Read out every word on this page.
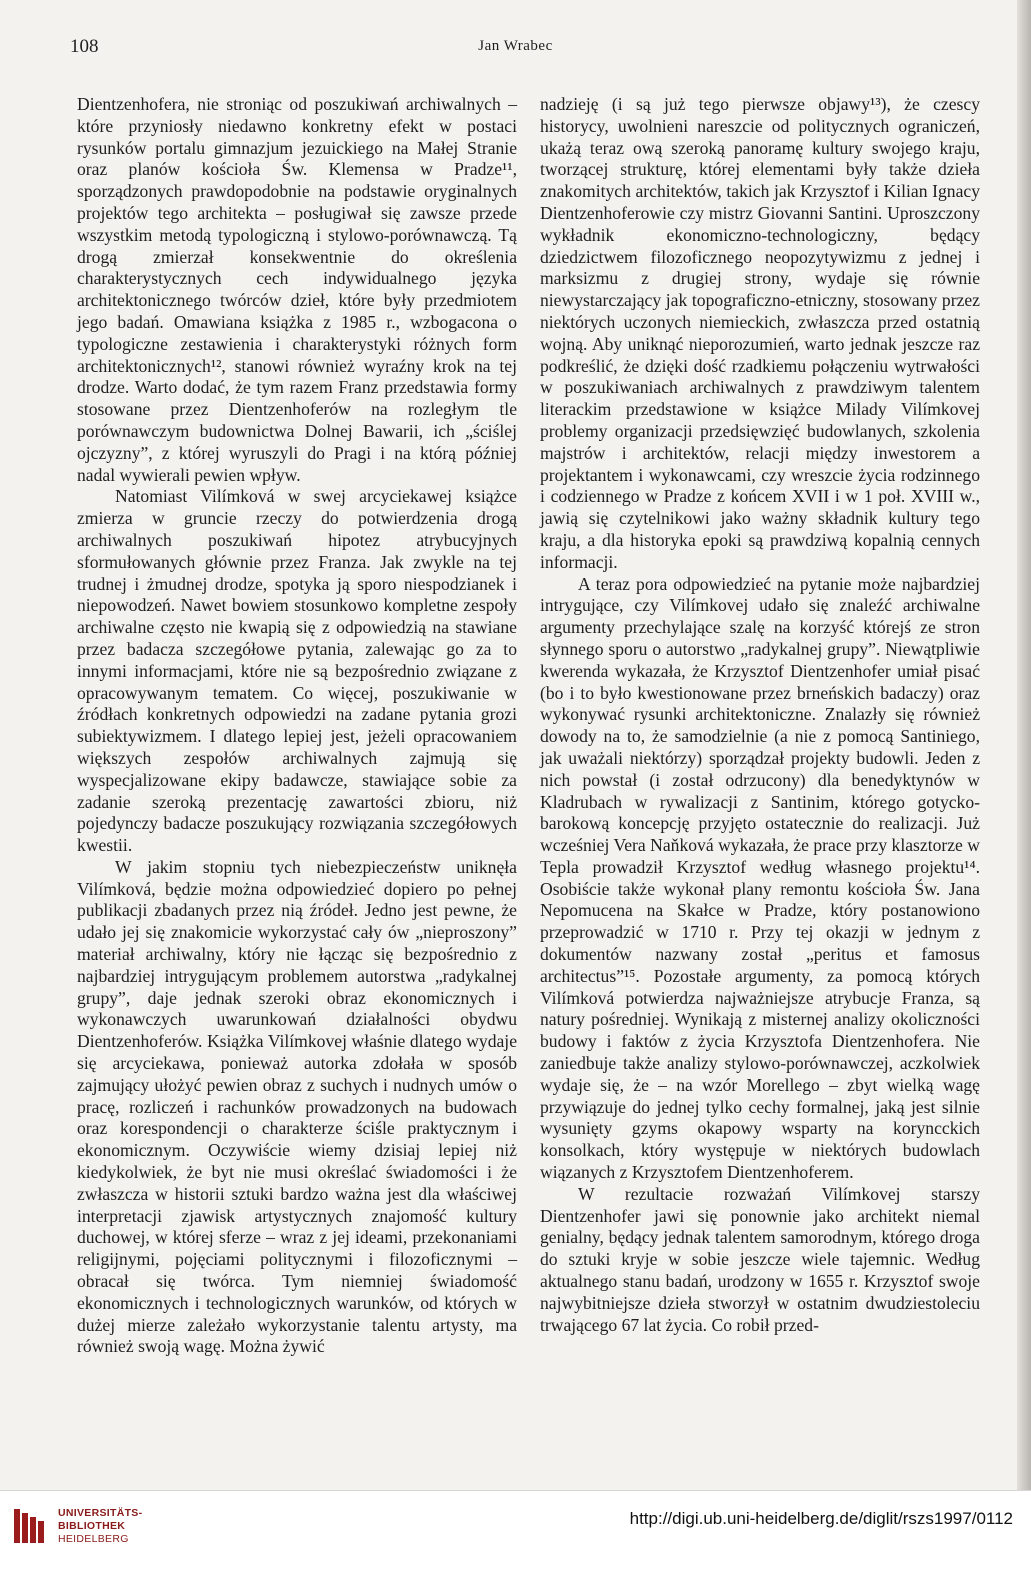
108	Jan Wrabec

Dientzenhofera, nie stroniąc od poszukiwań archiwalnych – które przyniosły niedawno konkretny efekt w postaci rysunków portalu gimnazjum jezuickiego na Małej Stranie oraz planów kościoła Św. Klemensa w Pradze¹¹, sporządzonych prawdopodobnie na podstawie oryginalnych projektów tego architekta – posługiwał się zawsze przede wszystkim metodą typologiczną i stylowo-porównawczą. Tą drogą zmierzał konsekwentnie do określenia charakterystycznych cech indywidualnego języka architektonicznego twórców dzieł, które były przedmiotem jego badań. Omawiana książka z 1985 r., wzbogacona o typologiczne zestawienia i charakterystyki różnych form architektonicznych¹², stanowi również wyraźny krok na tej drodze. Warto dodać, że tym razem Franz przedstawia formy stosowane przez Dientzenhoferów na rozległym tle porównawczym budownictwa Dolnej Bawarii, ich „ściślej ojczyzny”, z której wyruszyli do Pragi i na którą później nadal wywierali pewien wpływ.

Natomiast Vilímková w swej arcyciekawej książce zmierza w gruncie rzeczy do potwierdzenia drogą archiwalnych poszukiwań hipotez atrybucyjnych sformułowanych głównie przez Franza. Jak zwykle na tej trudnej i żmudnej drodze, spotyka ją sporo niespodzianek i niepowodzeń. Nawet bowiem stosunkowo kompletne zespoły archiwalne często nie kwapią się z odpowiedzią na stawiane przez badacza szczegółowe pytania, zalewając go za to innymi informacjami, które nie są bezpośrednio związane z opracowywanym tematem. Co więcej, poszukiwanie w źródłach konkretnych odpowiedzi na zadane pytania grozi subiektywizmem. I dlatego lepiej jest, jeżeli opracowaniem większych zespołów archiwalnych zajmują się wyspecjalizowane ekipy badawcze, stawiające sobie za zadanie szeroką prezentację zawartości zbioru, niż pojedynczy badacze poszukujący rozwiązania szczegółowych kwestii.

W jakim stopniu tych niebezpieczeństw uniknęła Vilímková, będzie można odpowiedzieć dopiero po pełnej publikacji zbadanych przez nią źródeł. Jedno jest pewne, że udało jej się znakomicie wykorzystać cały ów „nieproszony” materiał archiwalny, który nie łącząc się bezpośrednio z najbardziej intrygującym problemem autorstwa „radykalnej grupy”, daje jednak szeroki obraz ekonomicznych i wykonawczych uwarunkowań działalności obydwu Dientzenhoferów. Książka Vilímkovej właśnie dlatego wydaje się arcyciekawa, ponieważ autorka zdołała w sposób zajmujący ułożyć pewien obraz z suchych i nudnych umów o pracę, rozliczeń i rachunków prowadzonych na budowach oraz korespondencji o charakterze ściśle praktycznym i ekonomicznym. Oczywiście wiemy dzisiaj lepiej niż kiedykolwiek, że byt nie musi określać świadomości i że zwłaszcza w historii sztuki bardzo ważna jest dla właściwej interpretacji zjawisk artystycznych znajomość kultury duchowej, w której sferze – wraz z jej ideami, przekonaniami religijnymi, pojęciami politycznymi i filozoficznymi – obracał się twórca. Tym niemniej świadomość ekonomicznych i technologicznych warunków, od których w dużej mierze zależało wykorzystanie talentu artysty, ma również swoją wagę. Można żywić

nadzieję (i są już tego pierwsze objawy¹³), że czescy historycy, uwolnieni nareszcie od politycznych ograniczeń, ukażą teraz ową szeroką panoramę kultury swojego kraju, tworzącej strukturę, której elementami były także dzieła znakomitych architektów, takich jak Krzysztof i Kilian Ignacy Dientzenhoferowie czy mistrz Giovanni Santini. Uproszczony wykładnik ekonomiczno-technologiczny, będący dziedzictwem filozoficznego neopozytywizmu z jednej i marksizmu z drugiej strony, wydaje się równie niewystarczający jak topograficzno-etniczny, stosowany przez niektórych uczonych niemieckich, zwłaszcza przed ostatnią wojną. Aby uniknąć nieporozumień, warto jednak jeszcze raz podkreślić, że dzięki dość rzadkiemu połączeniu wytrwałości w poszukiwaniach archiwalnych z prawdziwym talentem literackim przedstawione w książce Milady Vilímkovej problemy organizacji przedsięwzięć budowlanych, szkolenia majstrów i architektów, relacji między inwestorem a projektantem i wykonawcami, czy wreszcie życia rodzinnego i codziennego w Pradze z końcem XVII i w 1 poł. XVIII w., jawią się czytelnikowi jako ważny składnik kultury tego kraju, a dla historyka epoki są prawdziwą kopalnią cennych informacji.

A teraz pora odpowiedzieć na pytanie może najbardziej intrygujące, czy Vilímkovej udało się znaleźć archiwalne argumenty przechylające szalę na korzyść którejś ze stron słynnego sporu o autorstwo „radykalnej grupy”. Niewątpliwie kwerenda wykazała, że Krzysztof Dientzenhofer umiał pisać (bo i to było kwestionowane przez brneńskich badaczy) oraz wykonywać rysunki architektoniczne. Znalazły się również dowody na to, że samodzielnie (a nie z pomocą Santiniego, jak uważali niektórzy) sporządzał projekty budowli. Jeden z nich powstał (i został odrzucony) dla benedyktynów w Kladrubach w rywalizacji z Santinim, którego gotycko-barokową koncepcję przyjęto ostatecznie do realizacji. Już wcześniej Vera Naňková wykazała, że prace przy klasztorze w Tepla prowadził Krzysztof według własnego projektu¹⁴. Osobiście także wykonał plany remontu kościoła Św. Jana Nepomucena na Skałce w Pradze, który postanowiono przeprowadzić w 1710 r. Przy tej okazji w jednym z dokumentów nazwany został „peritus et famosus architectus”¹⁵. Pozostałe argumenty, za pomocą których Vilímková potwierdza najważniejsze atrybucje Franza, są natury pośredniej. Wynikają z misternej analizy okoliczności budowy i faktów z życia Krzysztofa Dientzenhofera. Nie zaniedbuje także analizy stylowo-porównawczej, aczkolwiek wydaje się, że – na wzór Morellego – zbyt wielką wagę przywiązuje do jednej tylko cechy formalnej, jaką jest silnie wysunięty gzyms okapowy wsparty na koryncckich konsolkach, który występuje w niektórych budowlach wiązanych z Krzysztofem Dientzenhoferem.

W rezultacie rozważań Vilímkovej starszy Dientzenhofer jawi się ponownie jako architekt niemal genialny, będący jednak talentem samorodnym, którego droga do sztuki kryje w sobie jeszcze wiele tajemnic. Według aktualnego stanu badań, urodzony w 1655 r. Krzysztof swoje najwybitniejsze dzieła stworzył w ostatnim dwudziestoleciu trwającego 67 lat życia. Co robił przed-

UNIVERSITÄTS-
BIBLIOTHEK
HEIDELBERG
http://digi.ub.uni-heidelberg.de/diglit/rszs1997/0112
